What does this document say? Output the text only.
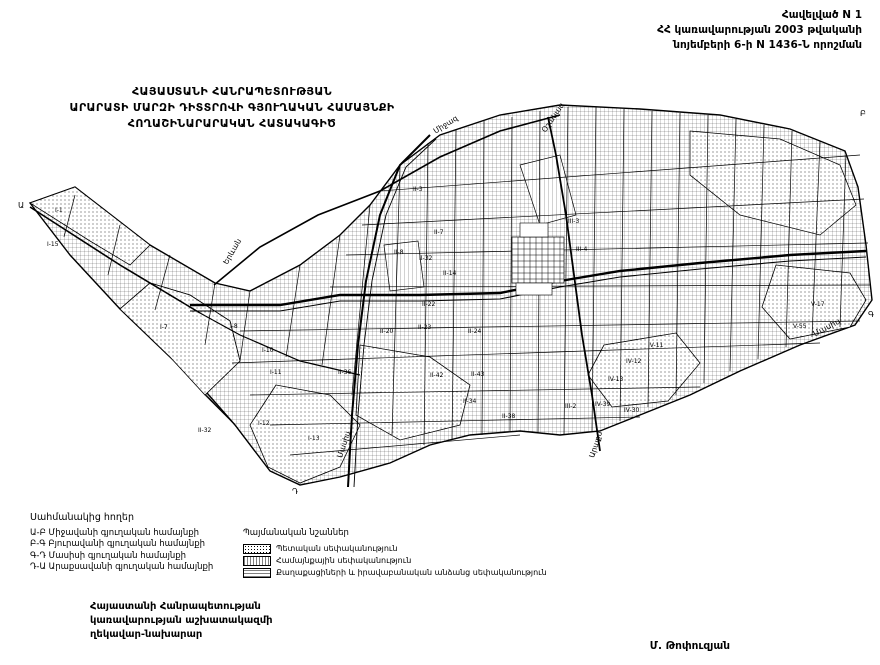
Հավելված N 1
ՀՀ կառավարության 2003 թվականի
նոյեմբերի 6-ի N 1436-Ն որոշման
ՀԱՅԱՍՏԱՆԻ ՀԱՆՐԱՊԵՏՈՒԹՅԱՆ
ԱՐԱՐԱՏԻ ՄԱՐԶԻ ԴԻՏՏՐՈՎԻ ԳՅՈՒՂԱԿԱՆ ՀԱՄԱՅՆՔԻ
ՀՈՂԱՇԻՆԱՐԱՐԱԿԱՆ ՀԱՏԱԿԱԳԻԾ	Միջազ
Երևան
Օշական
Մասիս	Արաքս
Ա
Բ
Գ
Դ
Մասիս
I-1
I-15
I-7	I-8
I-10
I-11
I-12
I-13
II-3
II-7
II-8
II-32
II-14
II-22
II-20
II-23
II-24
II-36	II-42	II-43
II-34
II-38
II-32
III-3
III-4
III-2
IV-11
IV-12
IV-13
IV-30
IV-39
V-17
V-55
Սահմանակից հողեր
Ա-Բ Միջավանի գյուղական համայնքի
Բ-Գ Բյուրավանի գյուղական համայնքի
Գ-Դ Մասիսի գյուղական համայնքի
Դ-Ա Արաքսավանի գյուղական համայնքի
Պայմանական նշաններ
Պետական սեփականություն
Համայնքային սեփականություն
Քաղաքացիների և իրավաբանական անձանց սեփականություն
Հայաստանի Հանրապետության
կառավարության աշխատակազմի
ղեկավար-նախարար
Մ. Թոփուզյան
